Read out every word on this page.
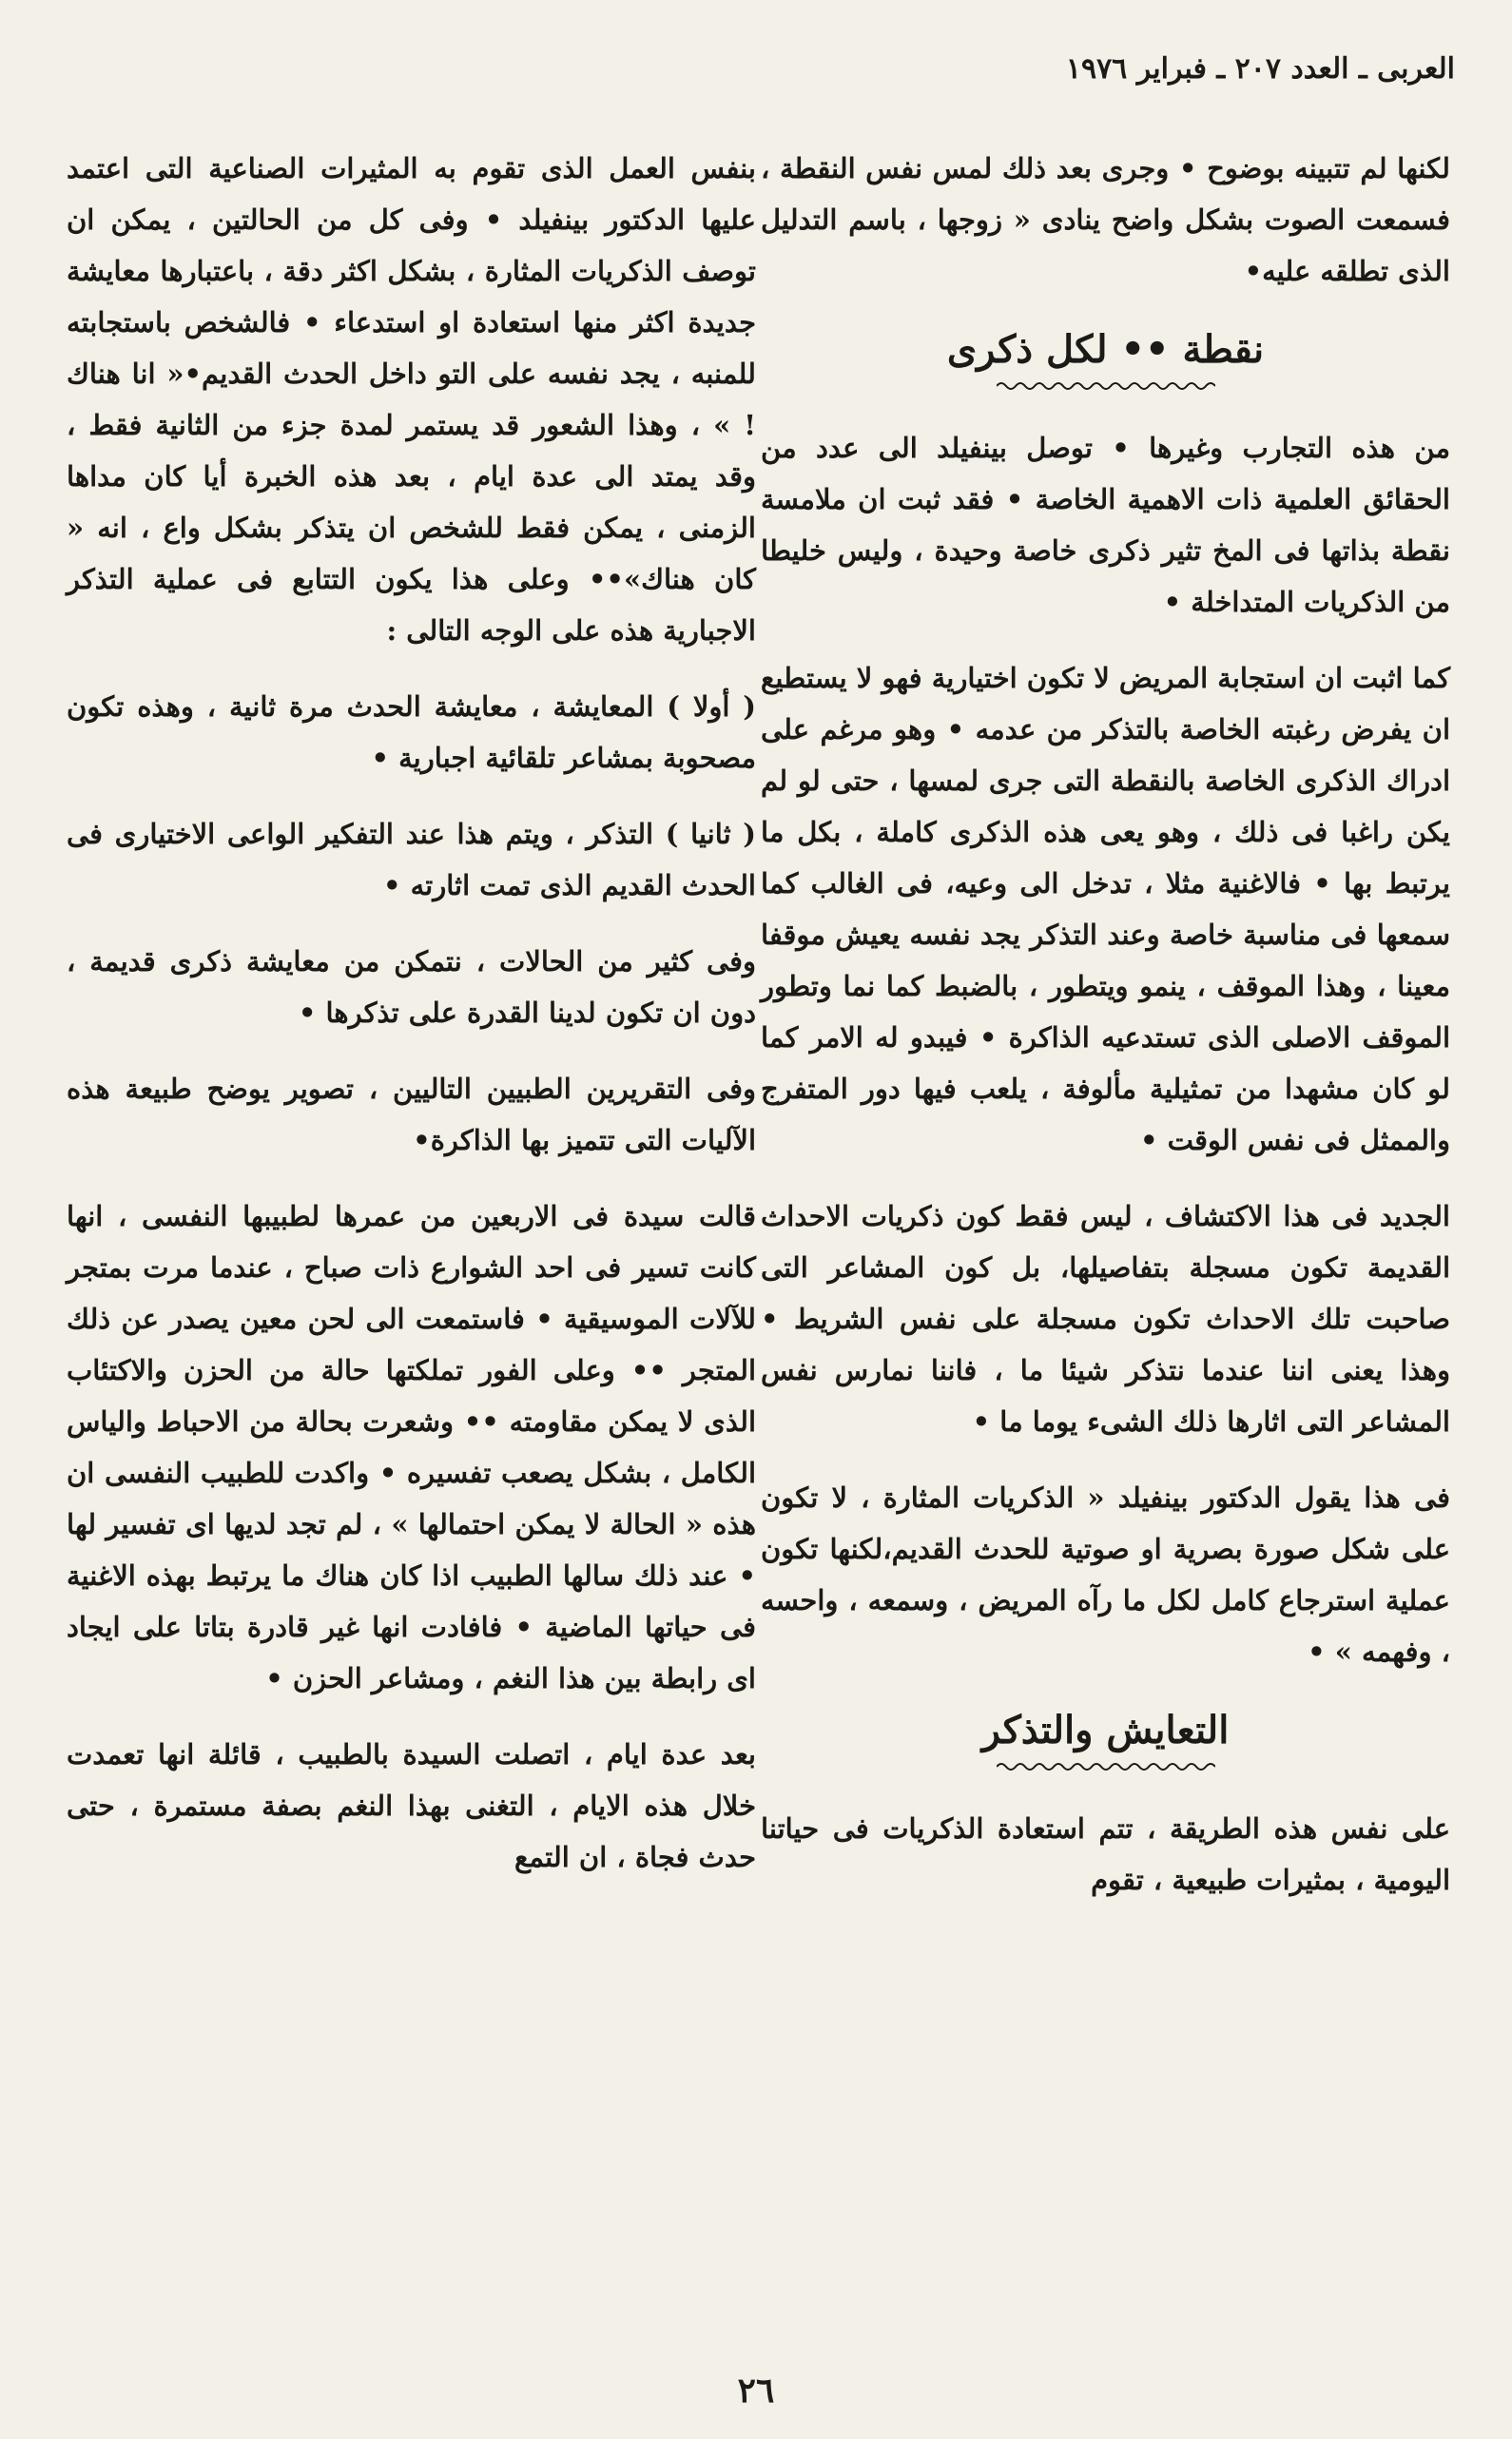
العربى ـ العدد ٢٠٧ ـ فبراير ١٩٧٦

لكنها لم تتبينه بوضوح • وجرى بعد ذلك لمس نفس النقطة ، فسمعت الصوت بشكل واضح ينادى « زوجها ، باسم التدليل الذى تطلقه عليه•

نقطة •• لكل ذكرى

من هذه التجارب وغيرها • توصل بينفيلد الى عدد من الحقائق العلمية ذات الاهمية الخاصة • فقد ثبت ان ملامسة نقطة بذاتها فى المخ تثير ذكرى خاصة وحيدة ، وليس خليطا من الذكريات المتداخلة •

كما اثبت ان استجابة المريض لا تكون اختيارية فهو لا يستطيع ان يفرض رغبته الخاصة بالتذكر من عدمه • وهو مرغم على ادراك الذكرى الخاصة بالنقطة التى جرى لمسها ، حتى لو لم يكن راغبا فى ذلك ، وهو يعى هذه الذكرى كاملة ، بكل ما يرتبط بها • فالاغنية مثلا ، تدخل الى وعيه، فى الغالب كما سمعها فى مناسبة خاصة وعند التذكر يجد نفسه يعيش موقفا معينا ، وهذا الموقف ، ينمو ويتطور ، بالضبط كما نما وتطور الموقف الاصلى الذى تستدعيه الذاكرة • فيبدو له الامر كما لو كان مشهدا من تمثيلية مألوفة ، يلعب فيها دور المتفرج والممثل فى نفس الوقت •

الجديد فى هذا الاكتشاف ، ليس فقط كون ذكريات الاحداث القديمة تكون مسجلة بتفاصيلها، بل كون المشاعر التى صاحبت تلك الاحداث تكون مسجلة على نفس الشريط • وهذا يعنى اننا عندما نتذكر شيئا ما ، فاننا نمارس نفس المشاعر التى اثارها ذلك الشىء يوما ما •

فى هذا يقول الدكتور بينفيلد « الذكريات المثارة ، لا تكون على شكل صورة بصرية او صوتية للحدث القديم،لكنها تكون عملية استرجاع كامل لكل ما رآه المريض ، وسمعه ، واحسه ، وفهمه » •

التعايش والتذكر

على نفس هذه الطريقة ، تتم استعادة الذكريات فى حياتنا اليومية ، بمثيرات طبيعية ، تقوم

بنفس العمل الذى تقوم به المثيرات الصناعية التى اعتمد عليها الدكتور بينفيلد • وفى كل من الحالتين ، يمكن ان توصف الذكريات المثارة ، بشكل اكثر دقة ، باعتبارها معايشة جديدة اكثر منها استعادة او استدعاء • فالشخص باستجابته للمنبه ، يجد نفسه على التو داخل الحدث القديم•« انا هناك ! » ، وهذا الشعور قد يستمر لمدة جزء من الثانية فقط ، وقد يمتد الى عدة ايام ، بعد هذه الخبرة أيا كان مداها الزمنى ، يمكن فقط للشخص ان يتذكر بشكل واع ، انه « كان هناك»•• وعلى هذا يكون التتابع فى عملية التذكر الاجبارية هذه على الوجه التالى :

( أولا ) المعايشة ، معايشة الحدث مرة ثانية ، وهذه تكون مصحوبة بمشاعر تلقائية اجبارية •

( ثانيا ) التذكر ، ويتم هذا عند التفكير الواعى الاختيارى فى الحدث القديم الذى تمت اثارته •

وفى كثير من الحالات ، نتمكن من معايشة ذكرى قديمة ، دون ان تكون لدينا القدرة على تذكرها •

وفى التقريرين الطبيين التاليين ، تصوير يوضح طبيعة هذه الآليات التى تتميز بها الذاكرة•

قالت سيدة فى الاربعين من عمرها لطبيبها النفسى ، انها كانت تسير فى احد الشوارع ذات صباح ، عندما مرت بمتجر للآلات الموسيقية • فاستمعت الى لحن معين يصدر عن ذلك المتجر •• وعلى الفور تملكتها حالة من الحزن والاكتئاب الذى لا يمكن مقاومته •• وشعرت بحالة من الاحباط والياس الكامل ، بشكل يصعب تفسيره • واكدت للطبيب النفسى ان هذه « الحالة لا يمكن احتمالها » ، لم تجد لديها اى تفسير لها • عند ذلك سالها الطبيب اذا كان هناك ما يرتبط بهذه الاغنية فى حياتها الماضية • فافادت انها غير قادرة بتاتا على ايجاد اى رابطة بين هذا النغم ، ومشاعر الحزن •

بعد عدة ايام ، اتصلت السيدة بالطبيب ، قائلة انها تعمدت خلال هذه الايام ، التغنى بهذا النغم بصفة مستمرة ، حتى حدث فجاة ، ان التمع

٢٦
